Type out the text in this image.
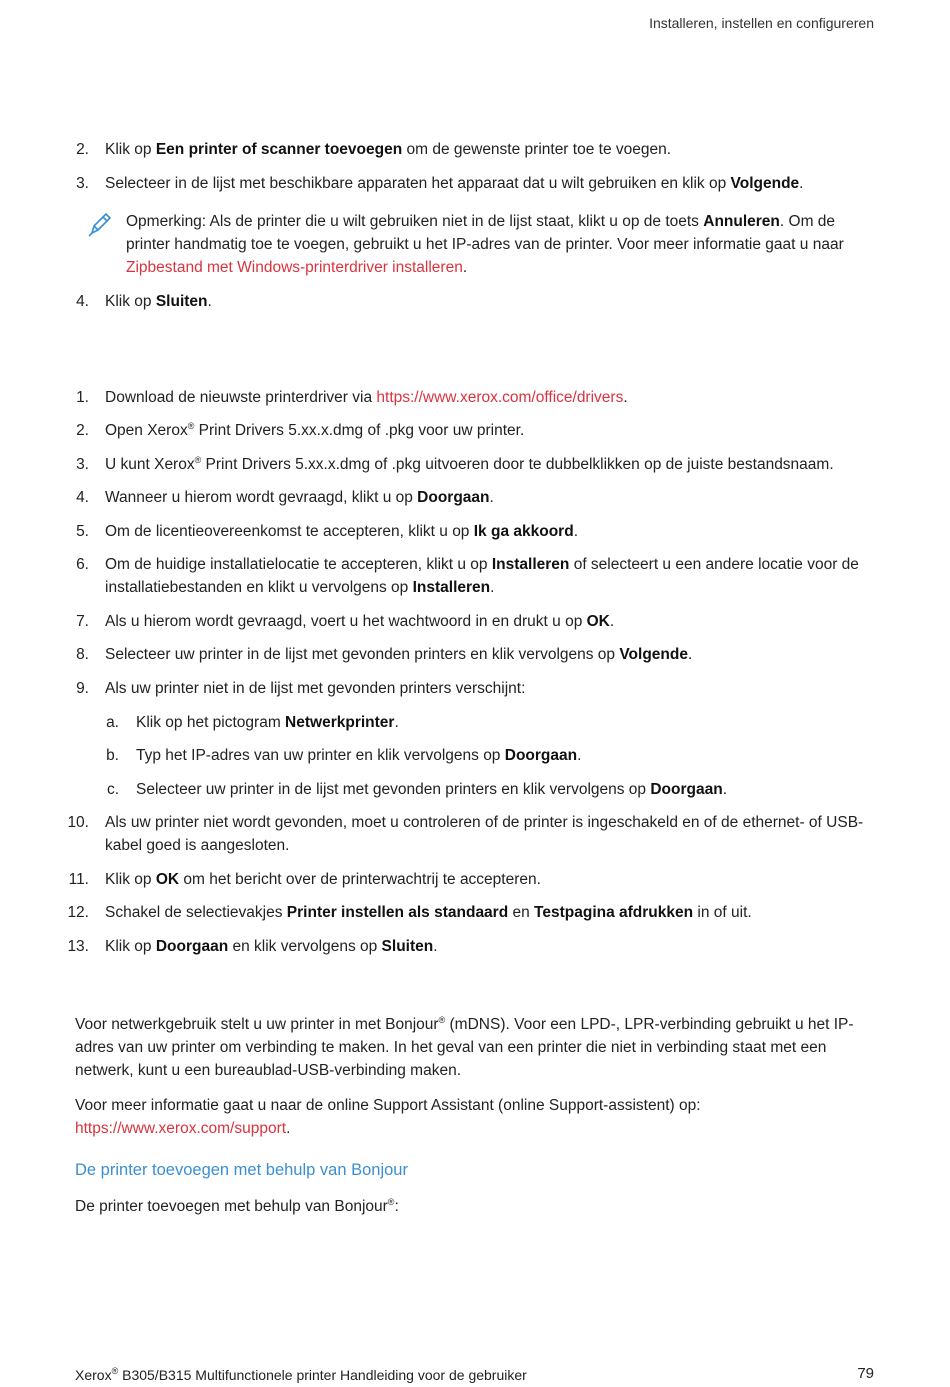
Installeren, instellen en configureren
2. Klik op Een printer of scanner toevoegen om de gewenste printer toe te voegen.
3. Selecteer in de lijst met beschikbare apparaten het apparaat dat u wilt gebruiken en klik op Volgende.
Opmerking: Als de printer die u wilt gebruiken niet in de lijst staat, klikt u op de toets Annuleren. Om de printer handmatig toe te voegen, gebruikt u het IP-adres van de printer. Voor meer informatie gaat u naar Zipbestand met Windows-printerdriver installeren.
4. Klik op Sluiten.
1. Download de nieuwste printerdriver via https://www.xerox.com/office/drivers.
2. Open Xerox® Print Drivers 5.xx.x.dmg of .pkg voor uw printer.
3. U kunt Xerox® Print Drivers 5.xx.x.dmg of .pkg uitvoeren door te dubbelklikken op de juiste bestandsnaam.
4. Wanneer u hierom wordt gevraagd, klikt u op Doorgaan.
5. Om de licentieovereenkomst te accepteren, klikt u op Ik ga akkoord.
6. Om de huidige installatielocatie te accepteren, klikt u op Installeren of selecteert u een andere locatie voor de installatiebestanden en klikt u vervolgens op Installeren.
7. Als u hierom wordt gevraagd, voert u het wachtwoord in en drukt u op OK.
8. Selecteer uw printer in de lijst met gevonden printers en klik vervolgens op Volgende.
9. Als uw printer niet in de lijst met gevonden printers verschijnt:
a. Klik op het pictogram Netwerkprinter.
b. Typ het IP-adres van uw printer en klik vervolgens op Doorgaan.
c. Selecteer uw printer in de lijst met gevonden printers en klik vervolgens op Doorgaan.
10. Als uw printer niet wordt gevonden, moet u controleren of de printer is ingeschakeld en of de ethernet- of USB-kabel goed is aangesloten.
11. Klik op OK om het bericht over de printerwachtrij te accepteren.
12. Schakel de selectievakjes Printer instellen als standaard en Testpagina afdrukken in of uit.
13. Klik op Doorgaan en klik vervolgens op Sluiten.
Voor netwerkgebruik stelt u uw printer in met Bonjour® (mDNS). Voor een LPD-, LPR-verbinding gebruikt u het IP-adres van uw printer om verbinding te maken. In het geval van een printer die niet in verbinding staat met een netwerk, kunt u een bureaublad-USB-verbinding maken.
Voor meer informatie gaat u naar de online Support Assistant (online Support-assistent) op: https://www.xerox.com/support.
De printer toevoegen met behulp van Bonjour
De printer toevoegen met behulp van Bonjour®:
Xerox® B305/B315 Multifunctionele printer Handleiding voor de gebruiker	79
